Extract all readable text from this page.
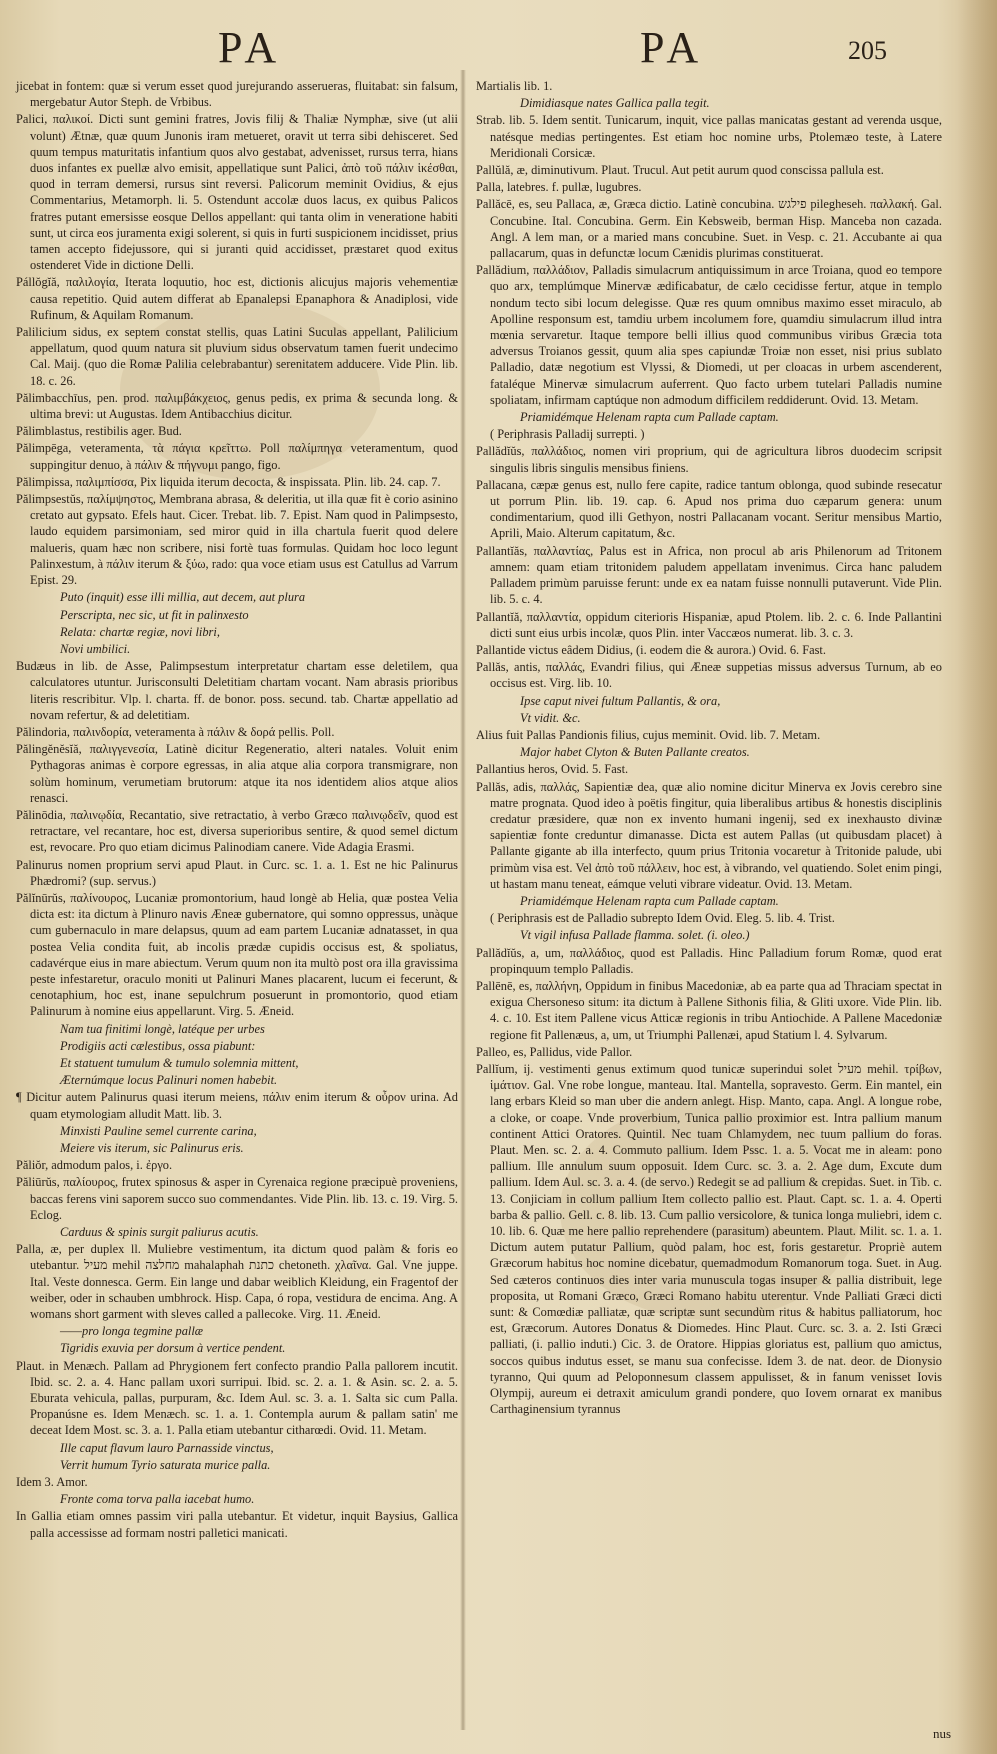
PA	PA	205

jicebat in fontem: quæ si verum esset quod jurejurando asserueras, fluitabat: sin falsum, mergebatur Autor Steph. de Vrbibus.

Palici, παλικοί. Dicti sunt gemini fratres, Jovis filij & Thaliæ Nymphæ, sive (ut alii volunt) Ætnæ, quæ quum Junonis iram metueret, oravit ut terra sibi dehisceret. Sed quum tempus maturitatis infantium quos alvo gestabat, advenisset, rursus terra, hians duos infantes ex puellæ alvo emisit, appellatique sunt Palici, ἀπὸ τοῦ πάλιν ἱκέσθαι, quod in terram demersi, rursus sint reversi. Palicorum meminit Ovidius, & ejus Commentarius, Metamorph. li. 5. Ostendunt accolæ duos lacus, ex quibus Palicos fratres putant emersisse eosque Dellos appellant: qui tanta olim in veneratione habiti sunt, ut circa eos juramenta exigi solerent, si quis in furti suspicionem incidisset, prius tamen accepto fidejussore, qui si juranti quid accidisset, præstaret quod exitus ostenderet Vide in dictione Delli.

Pállŏgĭă, παλιλογία, Iterata loquutio, hoc est, dictionis alicujus majoris vehementiæ causa repetitio. Quid autem differat ab Epanalepsi Epanaphora & Anadiplosi, vide Rufinum, & Aquilam Romanum.

Palilicium sidus, ex septem constat stellis, quas Latini Suculas appellant, Palilicium appellatum, quod quum natura sit pluvium sidus observatum tamen fuerit undecimo Cal. Maij. (quo die Romæ Palilia celebrabantur) serenitatem adducere. Vide Plin. lib. 18. c. 26.

Pălimbacchīus, pen. prod. παλιμβάκχειος, genus pedis, ex prima & secunda long. & ultima brevi: ut Augustas. Idem Antibacchius dicitur.

Pălimblastus, restibilis ager. Bud.

Pălimpēga, veteramenta, τὰ πάγια κρεῖττω. Poll παλίμπηγα veteramentum, quod suppingitur denuo, à πάλιν & πήγνυμι pango, figo.

Pălimpissa, παλιμπίσσα, Pix liquida iterum decocta, & inspissata. Plin. lib. 24. cap. 7.

Pălimpsestŭs, παλίμψηστος, Membrana abrasa, & deleritia, ut illa quæ fit è corio asinino cretato aut gypsato. Efels haut. Cicer. Trebat. lib. 7. Epist. Nam quod in Palimpsesto, laudo equidem parsimoniam, sed miror quid in illa chartula fuerit quod delere malueris, quam hæc non scribere, nisi fortè tuas formulas. Quidam hoc loco legunt Palinxestum, à πάλιν iterum & ξύω, rado: qua voce etiam usus est Catullus ad Varrum Epist. 29.

Puto (inquit) esse illi millia, aut decem, aut plura

Perscripta, nec sic, ut fit in palinxesto

Relata: chartæ regiæ, novi libri,

Novi umbilici.

Budæus in lib. de Asse, Palimpsestum interpretatur chartam esse deletilem, qua calculatores utuntur. Jurisconsulti Deletitiam chartam vocant. Nam abrasis prioribus literis rescribitur. Vlp. l. charta. ff. de bonor. poss. secund. tab. Chartæ appellatio ad novam refertur, & ad deletitiam.

Pălindoria, παλινδορία, veteramenta à πάλιν & δορά pellis. Poll.

Pălingĕnĕsĭă, παλιγγενεσία, Latinè dicitur Regeneratio, alteri natales. Voluit enim Pythagoras animas è corpore egressas, in alia atque alia corpora transmigrare, non solùm hominum, verumetiam brutorum: atque ita nos identidem alios atque alios renasci.

Pălinōdia, παλινῳδία, Recantatio, sive retractatio, à verbo Græco παλινῳδεῖν, quod est retractare, vel recantare, hoc est, diversa superioribus sentire, & quod semel dictum est, revocare. Pro quo etiam dicimus Palinodiam canere. Vide Adagia Erasmi.

Palinurus nomen proprium servi apud Plaut. in Curc. sc. 1. a. 1. Est ne hic Palinurus Phædromi? (sup. servus.)

Pălĭnūrŭs, παλίνουρος, Lucaniæ promontorium, haud longè ab Helia, quæ postea Velia dicta est: ita dictum à Plinuro navis Æneæ gubernatore, qui somno oppressus, unàque cum gubernaculo in mare delapsus, quum ad eam partem Lucaniæ adnatasset, in qua postea Velia condita fuit, ab incolis prædæ cupidis occisus est, & spoliatus, cadavérque eius in mare abiectum. Verum quum non ita multò post ora illa gravissima peste infestaretur, oraculo moniti ut Palinuri Manes placarent, lucum ei fecerunt, & cenotaphium, hoc est, inane sepulchrum posuerunt in promontorio, quod etiam Palinurum à nomine eius appellarunt. Virg. 5. Æneid.

Nam tua finitimi longè, latéque per urbes

Prodigiis acti cælestibus, ossa piabunt:

Et statuent tumulum & tumulo solemnia mittent,

Æternúmque locus Palinuri nomen habebit.

¶ Dicitur autem Palinurus quasi iterum meiens, πάλιν enim iterum & οὖρον urina. Ad quam etymologiam alludit Matt. lib. 3.

Minxisti Pauline semel currente carina,

Meiere vis iterum, sic Palinurus eris.

Păliŏr, admodum palos, i. ἐργο.

Păliūrŭs, παλίουρος, frutex spinosus & asper in Cyrenaica regione præcipuè proveniens, baccas ferens vini saporem succo suo commendantes. Vide Plin. lib. 13. c. 19. Virg. 5. Eclog.

Carduus & spinis surgit paliurus acutis.

Palla, æ, per duplex ll. Muliebre vestimentum, ita dictum quod palàm & foris eo utebantur. מעיל mehil מחלצה mahalaphah כתנת chetoneth. χλαῖνα. Gal. Vne juppe. Ital. Veste donnesca. Germ. Ein lange und dabar weiblich Kleidung, ein Fragentof der weiber, oder in schauben umbhrock. Hisp. Capa, ó ropa, vestidura de encima. Ang. A womans short garment with sleves called a pallecoke. Virg. 11. Æneid.

——pro longa tegmine pallæ

Tigridis exuvia per dorsum à vertice pendent.

Plaut. in Menæch. Pallam ad Phrygionem fert confecto prandio Palla pallorem incutit. Ibid. sc. 2. a. 4. Hanc pallam uxori surripui. Ibid. sc. 2. a. 1. & Asin. sc. 2. a. 5. Eburata vehicula, pallas, purpuram, &c. Idem Aul. sc. 3. a. 1. Salta sic cum Palla. Propanúsne es. Idem Menæch. sc. 1. a. 1. Contempla aurum & pallam satin' me deceat Idem Most. sc. 3. a. 1. Palla etiam utebantur citharœdi. Ovid. 11. Metam.

Ille caput flavum lauro Parnasside vinctus,

Verrit humum Tyrio saturata murice palla.

Idem 3. Amor.

Fronte coma torva palla iacebat humo.

In Gallia etiam omnes passim viri palla utebantur. Et videtur, inquit Baysius, Gallica palla accessisse ad formam nostri palletici manicati.

Martialis lib. 1.

Dimidiasque nates Gallica palla tegit.

Strab. lib. 5. Idem sentit. Tunicarum, inquit, vice pallas manicatas gestant ad verenda usque, natésque medias pertingentes. Est etiam hoc nomine urbs, Ptolemæo teste, à Latere Meridionali Corsicæ.

Pallŭlă, æ, diminutivum. Plaut. Trucul. Aut petit aurum quod conscissa pallula est.

Palla, latebres. f. pullæ, lugubres.

Pallăcē, es, seu Pallaca, æ, Græca dictio. Latinè concubina. פילגש pilegheseh. παλλακή. Gal. Concubine. Ital. Concubina. Germ. Ein Kebsweib, berman Hisp. Manceba non cazada. Angl. A lem man, or a maried mans concubine. Suet. in Vesp. c. 21. Accubante ai qua pallacarum, quas in defunctæ locum Cænidis plurimas constituerat.

Pallădium, παλλάδιον, Palladis simulacrum antiquissimum in arce Troiana, quod eo tempore quo arx, templúmque Minervæ ædificabatur, de cælo cecidisse fertur, atque in templo nondum tecto sibi locum delegisse. Quæ res quum omnibus maximo esset miraculo, ab Apolline responsum est, tamdiu urbem incolumem fore, quamdiu simulacrum illud intra mœnia servaretur. Itaque tempore belli illius quod communibus viribus Græcia tota adversus Troianos gessit, quum alia spes capiundæ Troiæ non esset, nisi prius sublato Palladio, datæ negotium est Vlyssi, & Diomedi, ut per cloacas in urbem ascenderent, fataléque Minervæ simulacrum auferrent. Quo facto urbem tutelari Palladis numine spoliatam, infirmam captúque non admodum difficilem reddiderunt. Ovid. 13. Metam.

Priamidémque Helenam rapta cum Pallade captam.

( Periphrasis Palladij surrepti. )

Pallădĭŭs, παλλάδιος, nomen viri proprium, qui de agricultura libros duodecim scripsit singulis libris singulis mensibus finiens.

Pallacana, cæpæ genus est, nullo fere capite, radice tantum oblonga, quod subinde resecatur ut porrum Plin. lib. 19. cap. 6. Apud nos prima duo cæparum genera: unum condimentarium, quod illi Gethyon, nostri Pallacanam vocant. Seritur mensibus Martio, Aprili, Maio. Alterum capitatum, &c.

Pallantĭăs, παλλαντίας, Palus est in Africa, non procul ab aris Philenorum ad Tritonem amnem: quam etiam tritonidem paludem appellatam invenimus. Circa hanc paludem Palladem primùm paruisse ferunt: unde ex ea natam fuisse nonnulli putaverunt. Vide Plin. lib. 5. c. 4.

Pallantĭă, παλλαντία, oppidum citerioris Hispaniæ, apud Ptolem. lib. 2. c. 6. Inde Pallantini dicti sunt eius urbis incolæ, quos Plin. inter Vaccæos numerat. lib. 3. c. 3.

Pallantide victus eâdem Didius, (i. eodem die & aurora.) Ovid. 6. Fast.

Pallăs, antis, παλλάς, Evandri filius, qui Æneæ suppetias missus adversus Turnum, ab eo occisus est. Virg. lib. 10.

Ipse caput nivei fultum Pallantis, & ora,

Vt vidit. &c.

Alius fuit Pallas Pandionis filius, cujus meminit. Ovid. lib. 7. Metam.

Major habet Clyton & Buten Pallante creatos.

Pallantius heros, Ovid. 5. Fast.

Pallăs, adis, παλλάς, Sapientiæ dea, quæ alio nomine dicitur Minerva ex Jovis cerebro sine matre prognata. Quod ideo à poëtis fingitur, quia liberalibus artibus & honestis disciplinis credatur præsidere, quæ non ex invento humani ingenij, sed ex inexhausto divinæ sapientiæ fonte creduntur dimanasse. Dicta est autem Pallas (ut quibusdam placet) à Pallante gigante ab illa interfecto, quum prius Tritonia vocaretur à Tritonide palude, ubi primùm visa est. Vel ἀπὸ τοῦ πάλλειν, hoc est, à vibrando, vel quatiendo. Solet enim pingi, ut hastam manu teneat, eámque veluti vibrare videatur. Ovid. 13. Metam.

Priamidémque Helenam rapta cum Pallade captam.

( Periphrasis est de Palladio subrepto Idem Ovid. Eleg. 5. lib. 4. Trist.

Vt vigil infusa Pallade flamma. solet. (i. oleo.)

Pallădĭŭs, a, um, παλλάδιος, quod est Palladis. Hinc Palladium forum Romæ, quod erat propinquum templo Palladis.

Pallēnē, es, παλλήνη, Oppidum in finibus Macedoniæ, ab ea parte qua ad Thraciam spectat in exigua Chersoneso situm: ita dictum à Pallene Sithonis filia, & Gliti uxore. Vide Plin. lib. 4. c. 10. Est item Pallene vicus Atticæ regionis in tribu Antiochide. A Pallene Macedoniæ regione fit Pallenæus, a, um, ut Triumphi Pallenæi, apud Statium l. 4. Sylvarum.

Palleo, es, Pallidus, vide Pallor.

Pallĭum, ij. vestimenti genus extimum quod tunicæ superindui solet מעיל mehil. τρίβων, ἱμάτιον. Gal. Vne robe longue, manteau. Ital. Mantella, sopravesto. Germ. Ein mantel, ein lang erbars Kleid so man uber die andern anlegt. Hisp. Manto, capa. Angl. A longue robe, a cloke, or coape. Vnde proverbium, Tunica pallio proximior est. Intra pallium manum continent Attici Oratores. Quintil. Nec tuam Chlamydem, nec tuum pallium do foras. Plaut. Men. sc. 2. a. 4. Commuto pallium. Idem Pssc. 1. a. 5. Vocat me in aleam: pono pallium. Ille annulum suum opposuit. Idem Curc. sc. 3. a. 2. Age dum, Excute dum pallium. Idem Aul. sc. 3. a. 4. (de servo.) Redegit se ad pallium & crepidas. Suet. in Tib. c. 13. Conjiciam in collum pallium Item collecto pallio est. Plaut. Capt. sc. 1. a. 4. Operti barba & pallio. Gell. c. 8. lib. 13. Cum pallio versicolore, & tunica longa muliebri, idem c. 10. lib. 6. Quæ me here pallio reprehendere (parasitum) abeuntem. Plaut. Milit. sc. 1. a. 1. Dictum autem putatur Pallium, quòd palam, hoc est, foris gestaretur. Propriè autem Græcorum habitus hoc nomine dicebatur, quemadmodum Romanorum toga. Suet. in Aug. Sed cæteros continuos dies inter varia munuscula togas insuper & pallia distribuit, lege proposita, ut Romani Græco, Græci Romano habitu uterentur. Vnde Palliati Græci dicti sunt: & Comœdiæ palliatæ, quæ scriptæ sunt secundùm ritus & habitus palliatorum, hoc est, Græcorum. Autores Donatus & Diomedes. Hinc Plaut. Curc. sc. 3. a. 2. Isti Græci palliati, (i. pallio induti.) Cic. 3. de Oratore. Hippias gloriatus est, pallium quo amictus, soccos quibus indutus esset, se manu sua confecisse. Idem 3. de nat. deor. de Dionysio tyranno, Qui quum ad Peloponnesum classem appulisset, & in fanum venisset Iovis Olympij, aureum ei detraxit amiculum grandi pondere, quo Iovem ornarat ex manibus Carthaginensium tyrannus

nus
